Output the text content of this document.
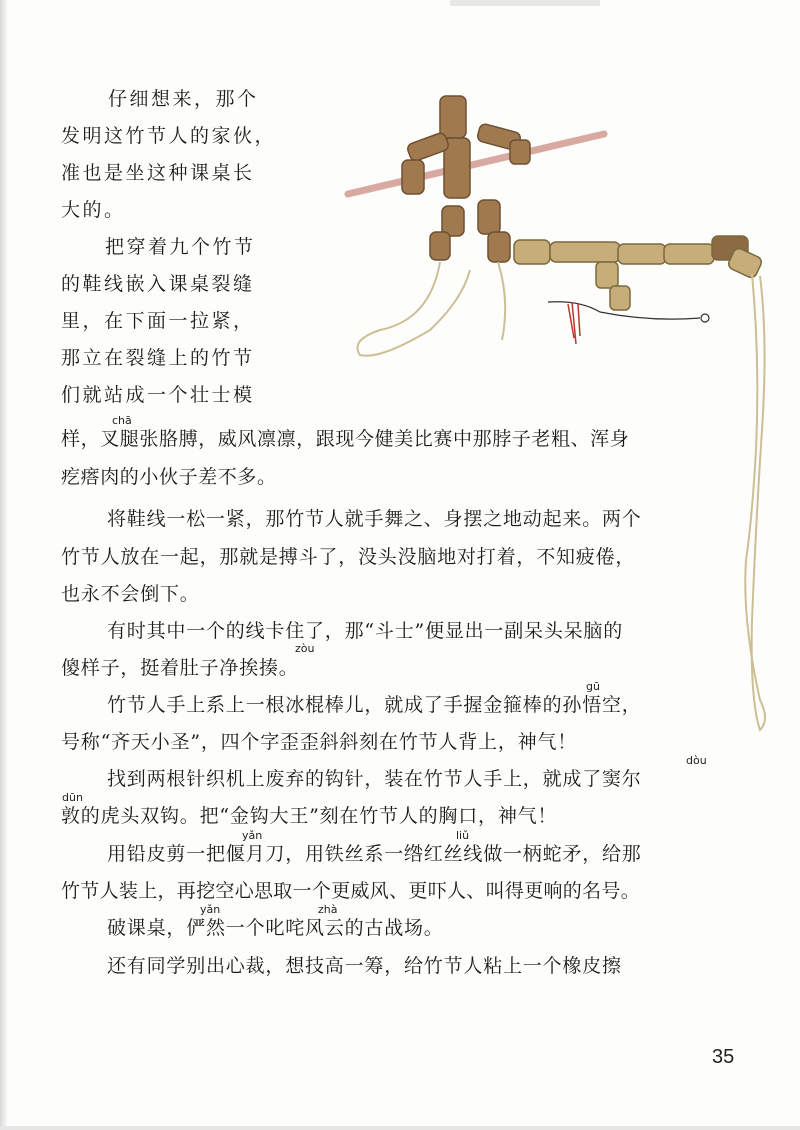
仔细想来，那个
发明这竹节人的家伙，
准也是坐这种课桌长
大的。
把穿着九个竹节
的鞋线嵌入课桌裂缝
里，在下面一拉紧，
那立在裂缝上的竹节
们就站成一个壮士模
chā
样，叉腿张胳膊，威风凛凛，跟现今健美比赛中那脖子老粗、浑身
疙瘩肉的小伙子差不多。
将鞋线一松一紧，那竹节人就手舞之、身摆之地动起来。两个
竹节人放在一起，那就是搏斗了，没头没脑地对打着，不知疲倦，
也永不会倒下。
有时其中一个的线卡住了，那“斗士”便显出一副呆头呆脑的
zòu
傻样子，挺着肚子净挨揍。
gū
竹节人手上系上一根冰棍棒儿，就成了手握金箍棒的孙悟空，
号称“齐天小圣”，四个字歪歪斜斜刻在竹节人背上，神气！
dòu
找到两根针织机上废弃的钩针，装在竹节人手上，就成了窦尔
dūn
敦的虎头双钩。把“金钩大王”刻在竹节人的胸口，神气！
yǎn	liǔ
用铅皮剪一把偃月刀，用铁丝系一绺红丝线做一柄蛇矛，给那
竹节人装上，再挖空心思取一个更威风、更吓人、叫得更响的名号。
yǎn	zhà
破课桌，俨然一个叱咤风云的古战场。
还有同学别出心裁，想技高一筹，给竹节人粘上一个橡皮擦
35
